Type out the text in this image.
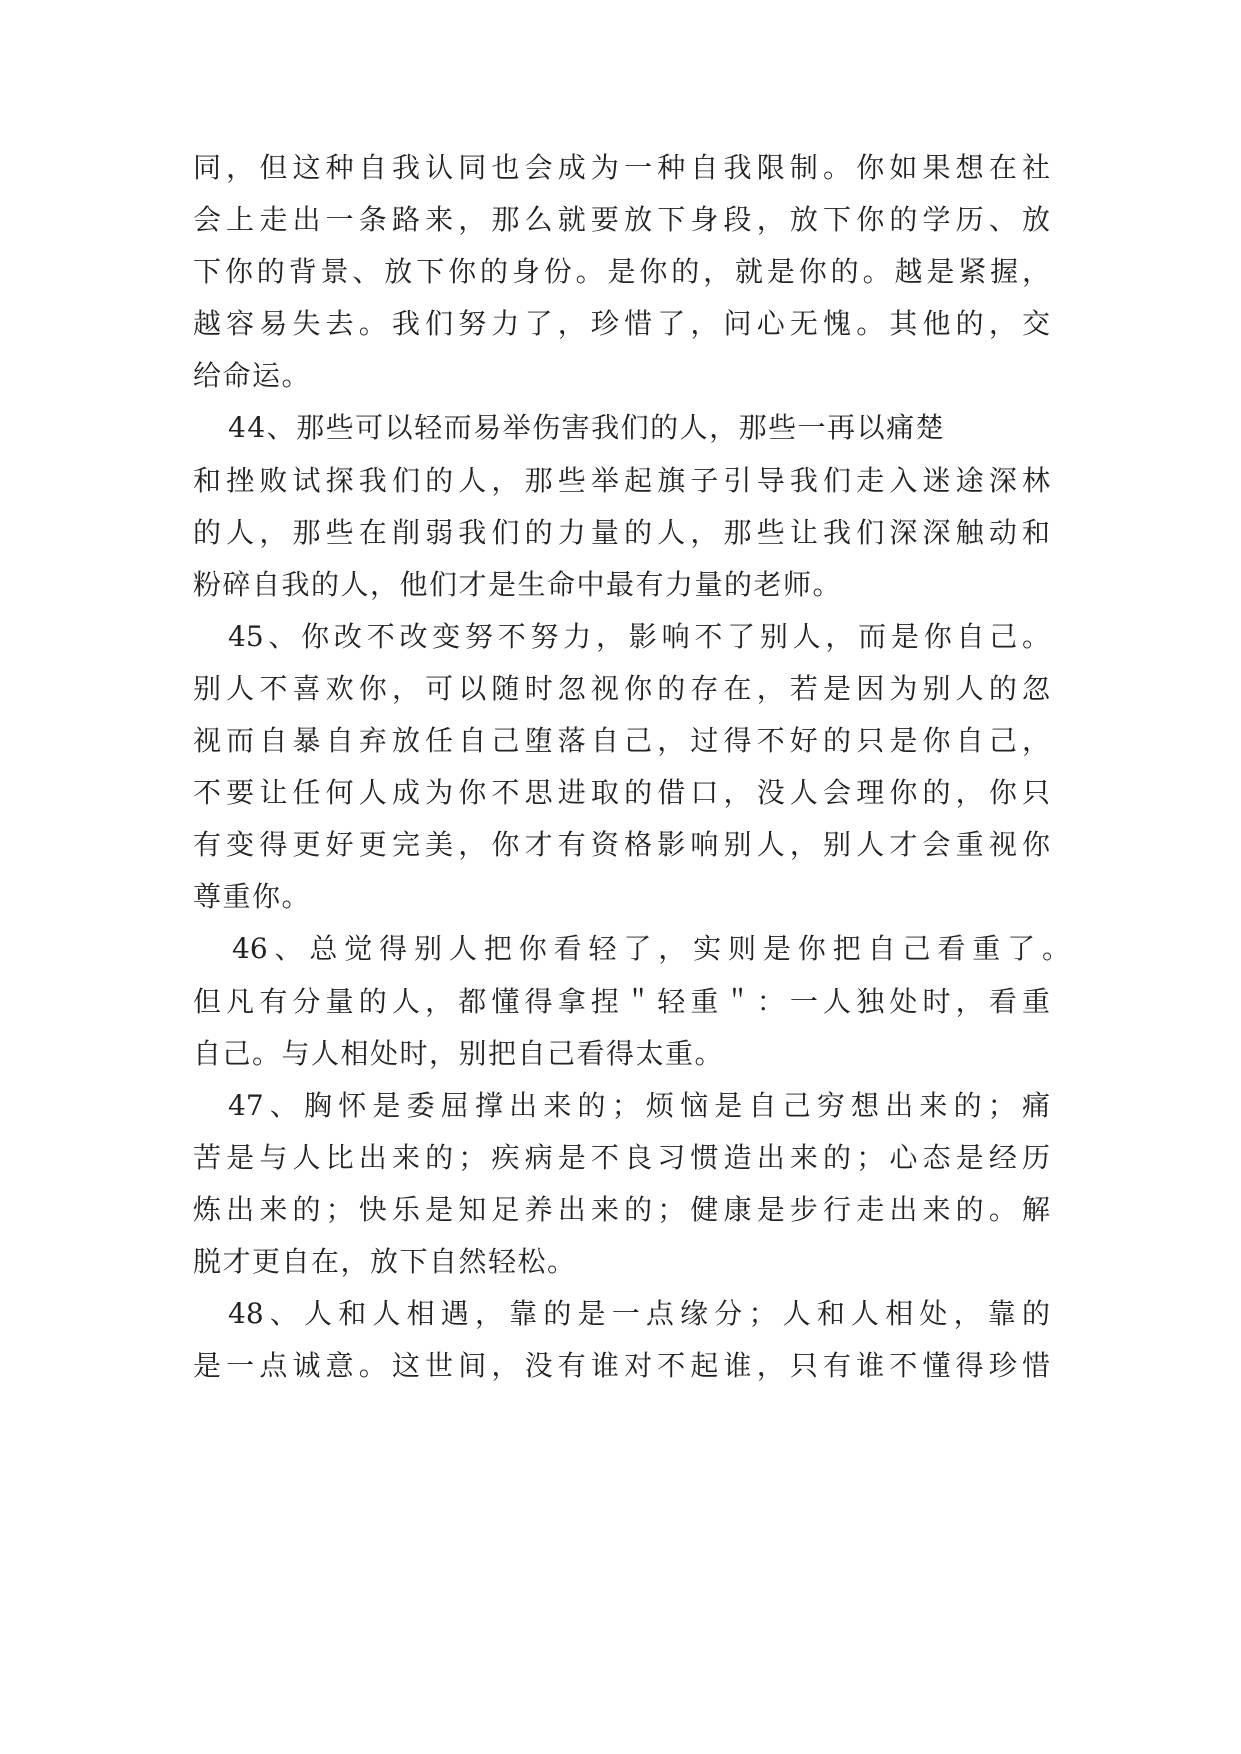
同，但这种自我认同也会成为一种自我限制。你如果想在社
会上走出一条路来，那么就要放下身段，放下你的学历、放
下你的背景、放下你的身份。是你的，就是你的。越是紧握，
越容易失去。我们努力了，珍惜了，问心无愧。其他的，交
给命运。
44、那些可以轻而易举伤害我们的人，那些一再以痛楚
和挫败试探我们的人，那些举起旗子引导我们走入迷途深林
的人，那些在削弱我们的力量的人，那些让我们深深触动和
粉碎自我的人，他们才是生命中最有力量的老师。
45、你改不改变努不努力，影响不了别人，而是你自己。
别人不喜欢你，可以随时忽视你的存在，若是因为别人的忽
视而自暴自弃放任自己堕落自己，过得不好的只是你自己，
不要让任何人成为你不思进取的借口，没人会理你的，你只
有变得更好更完美，你才有资格影响别人，别人才会重视你
尊重你。
46、总觉得别人把你看轻了，实则是你把自己看重了。
但凡有分量的人，都懂得拿捏＂轻重＂：一人独处时，看重
自己。与人相处时，别把自己看得太重。
47、胸怀是委屈撑出来的；烦恼是自己穷想出来的；痛
苦是与人比出来的；疾病是不良习惯造出来的；心态是经历
炼出来的；快乐是知足养出来的；健康是步行走出来的。解
脱才更自在，放下自然轻松。
48、人和人相遇，靠的是一点缘分；人和人相处，靠的
是一点诚意。这世间，没有谁对不起谁，只有谁不懂得珍惜
